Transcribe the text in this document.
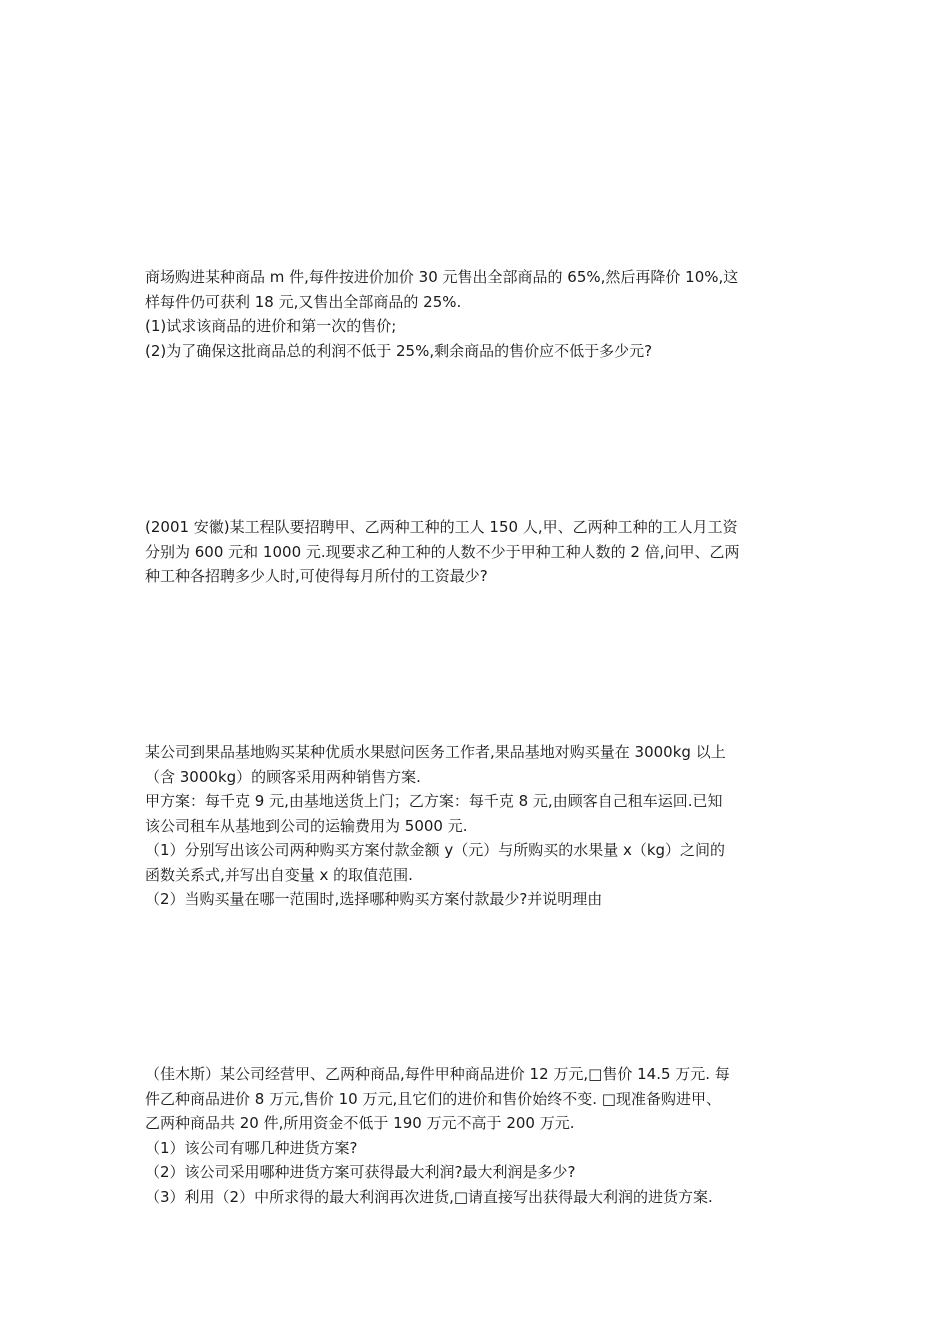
商场购进某种商品 m 件,每件按进价加价 30 元售出全部商品的 65%,然后再降价 10%,这
样每件仍可获利 18 元,又售出全部商品的 25%.
(1)试求该商品的进价和第一次的售价;
(2)为了确保这批商品总的利润不低于 25%,剩余商品的售价应不低于多少元?
(2001 安徽)某工程队要招聘甲、乙两种工种的工人 150 人,甲、乙两种工种的工人月工资
分别为 600 元和 1000 元.现要求乙种工种的人数不少于甲种工种人数的 2 倍,问甲、乙两
种工种各招聘多少人时,可使得每月所付的工资最少?
某公司到果品基地购买某种优质水果慰问医务工作者,果品基地对购买量在 3000kg 以上
（含 3000kg）的顾客采用两种销售方案.
甲方案：每千克 9 元,由基地送货上门；乙方案：每千克 8 元,由顾客自己租车运回.已知
该公司租车从基地到公司的运输费用为 5000 元.
（1）分别写出该公司两种购买方案付款金额 y（元）与所购买的水果量 x（kg）之间的
函数关系式,并写出自变量 x 的取值范围.
（2）当购买量在哪一范围时,选择哪种购买方案付款最少?并说明理由
（佳木斯）某公司经营甲、乙两种商品,每件甲种商品进价 12 万元,□售价 14.5 万元. 每
件乙种商品进价 8 万元,售价 10 万元,且它们的进价和售价始终不变. □现准备购进甲、
乙两种商品共 20 件,所用资金不低于 190 万元不高于 200 万元.
（1）该公司有哪几种进货方案?
（2）该公司采用哪种进货方案可获得最大利润?最大利润是多少?
（3）利用（2）中所求得的最大利润再次进货,□请直接写出获得最大利润的进货方案.
